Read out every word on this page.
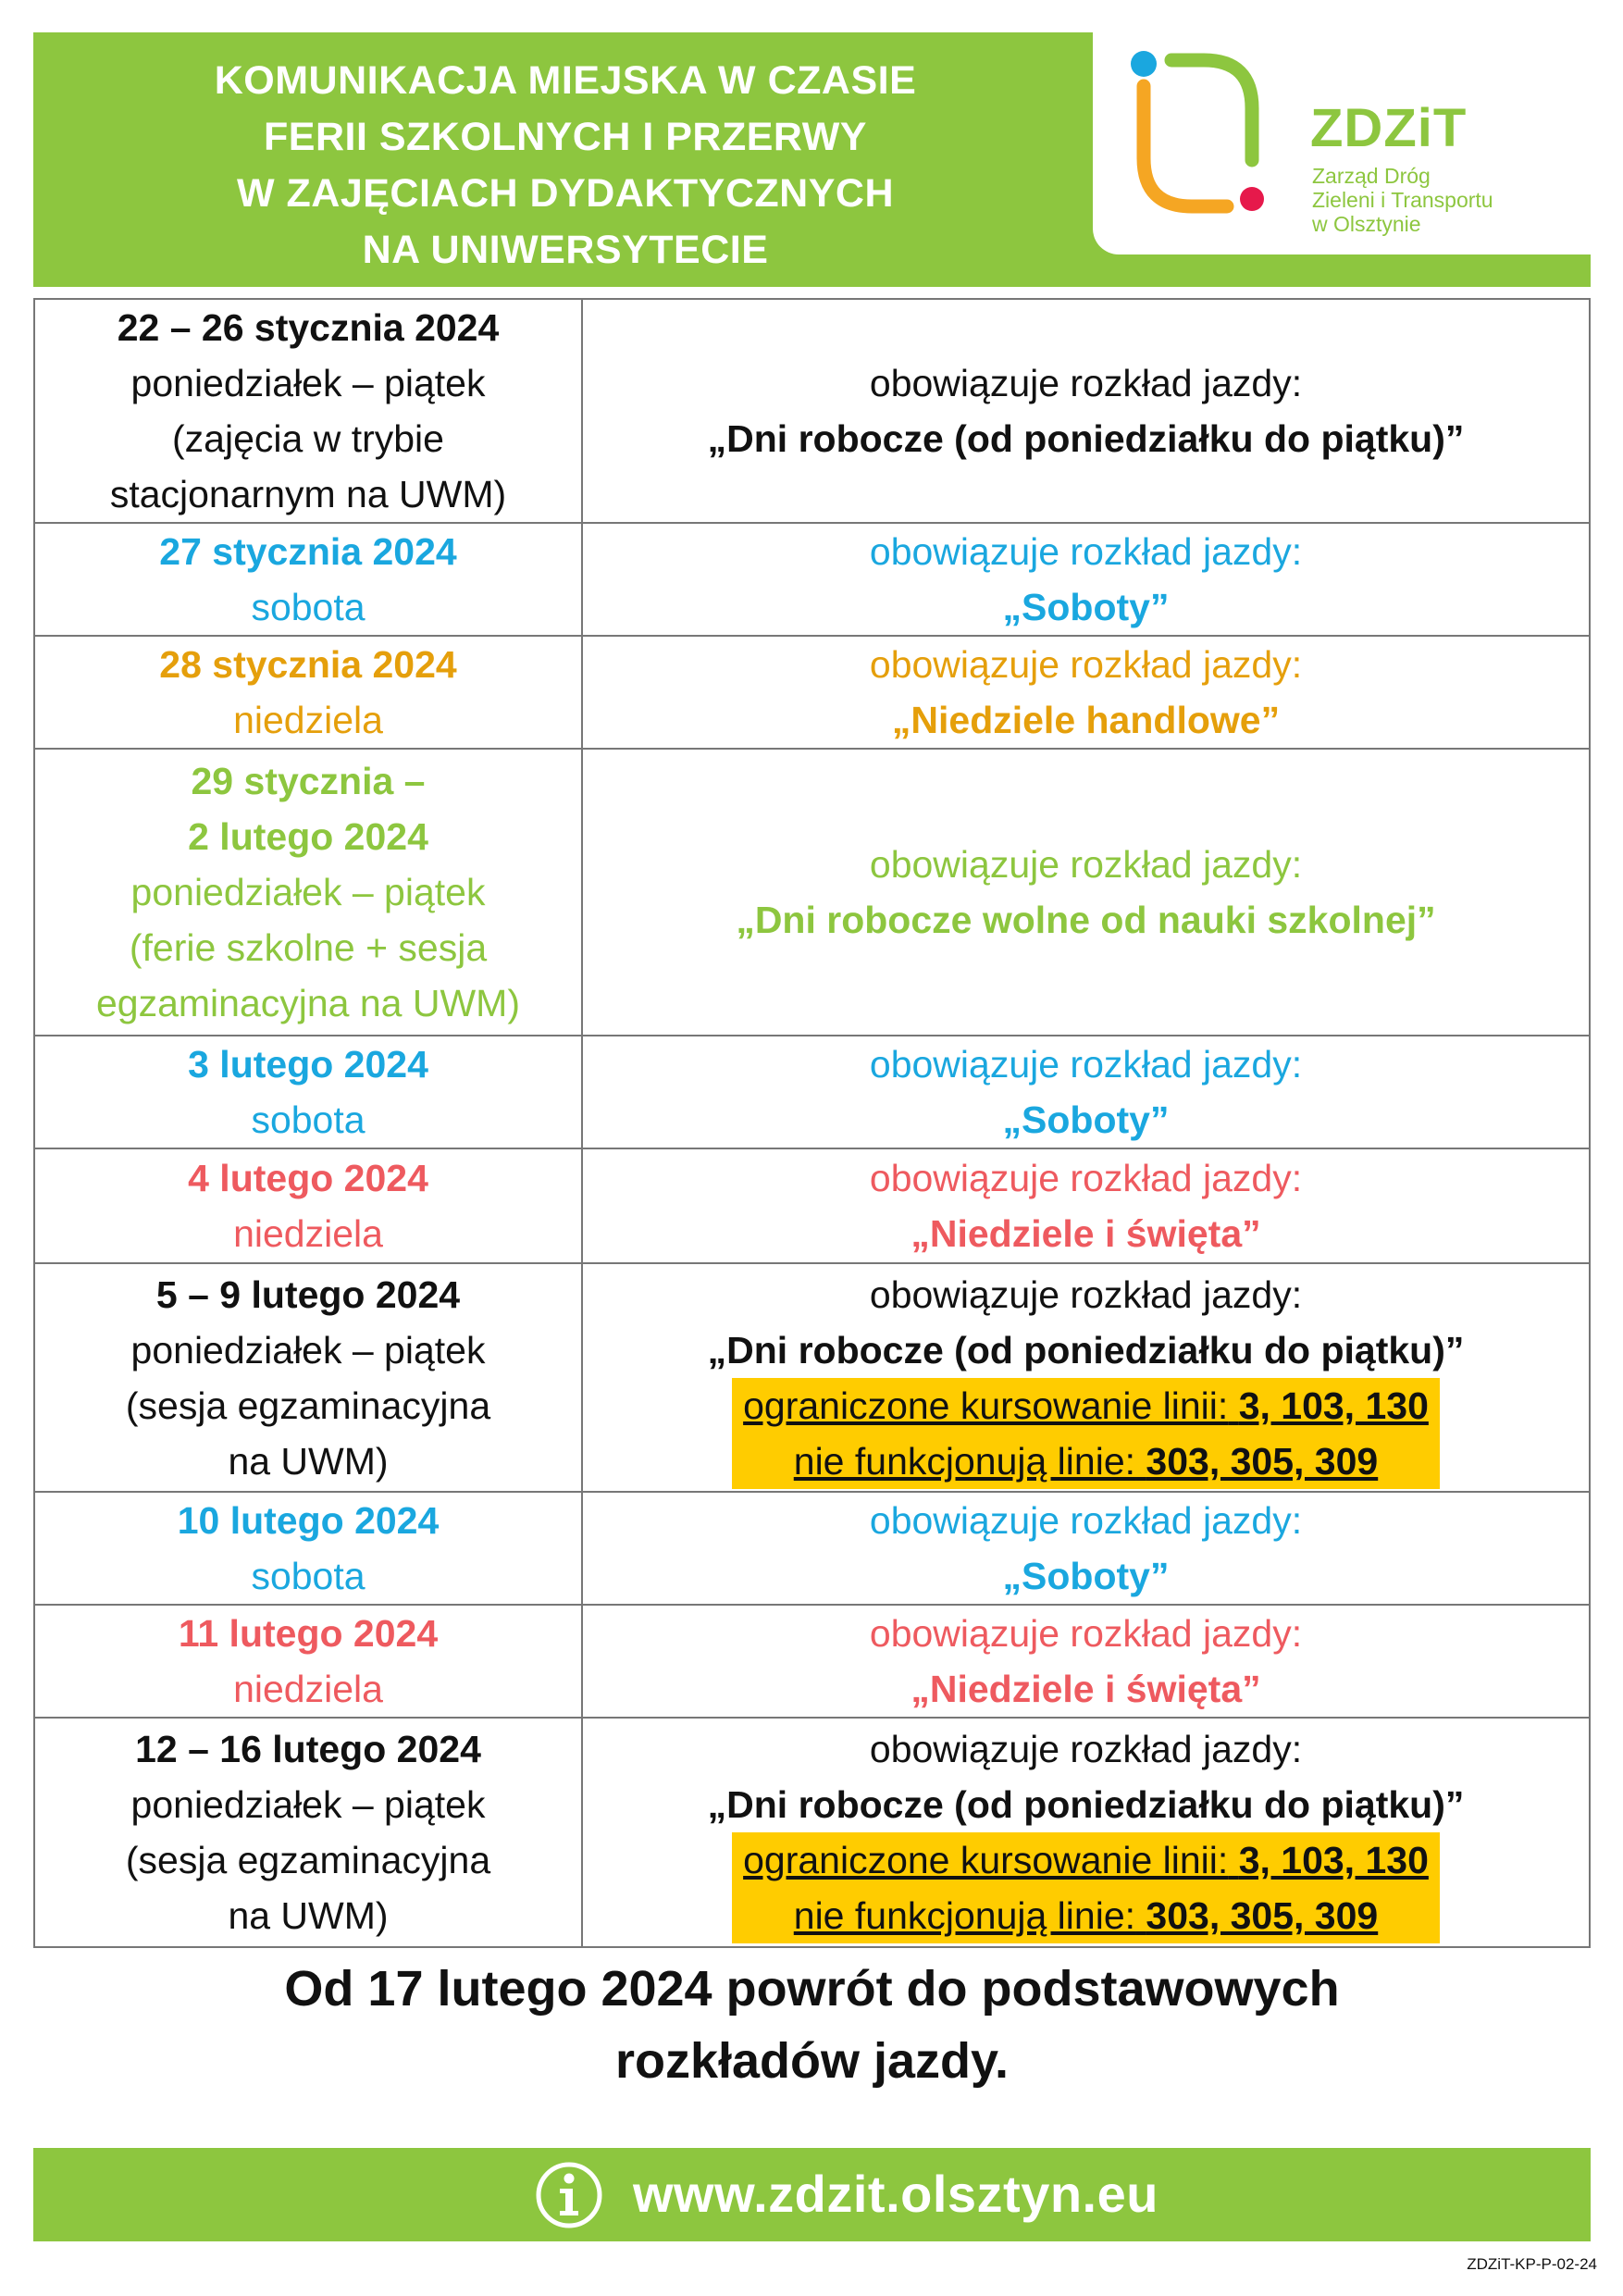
KOMUNIKACJA MIEJSKA W CZASIE
FERII SZKOLNYCH I PRZERWY
W ZAJĘCIACH DYDAKTYCZNYCH
NA UNIWERSYTECIE
ZDZiT
Zarząd Dróg
Zieleni i Transportu
w Olsztynie
22 – 26 stycznia 2024
poniedziałek – piątek
(zajęcia w trybie
stacjonarnym na UWM)	obowiązuje rozkład jazdy:
„Dni robocze (od poniedziałku do piątku)”

27 stycznia 2024
sobota	obowiązuje rozkład jazdy:
„Soboty”

28 stycznia 2024
niedziela	obowiązuje rozkład jazdy:
„Niedziele handlowe”

29 stycznia –
2 lutego 2024
poniedziałek – piątek
(ferie szkolne + sesja
egzaminacyjna na UWM)	obowiązuje rozkład jazdy:
„Dni robocze wolne od nauki szkolnej”

3 lutego 2024
sobota	obowiązuje rozkład jazdy:
„Soboty”

4 lutego 2024
niedziela	obowiązuje rozkład jazdy:
„Niedziele i święta”

5 – 9 lutego 2024
poniedziałek – piątek
(sesja egzaminacyjna
na UWM)	obowiązuje rozkład jazdy:
„Dni robocze (od poniedziałku do piątku)”
ograniczone kursowanie linii: 3, 103, 130
nie funkcjonują linie: 303, 305, 309

10 lutego 2024
sobota	obowiązuje rozkład jazdy:
„Soboty”

11 lutego 2024
niedziela	obowiązuje rozkład jazdy:
„Niedziele i święta”

12 – 16 lutego 2024
poniedziałek – piątek
(sesja egzaminacyjna
na UWM)	obowiązuje rozkład jazdy:
„Dni robocze (od poniedziałku do piątku)”
ograniczone kursowanie linii: 3, 103, 130
nie funkcjonują linie: 303, 305, 309
Od 17 lutego 2024 powrót do podstawowych
rozkładów jazdy.
www.zdzit.olsztyn.eu
ZDZiT-KP-P-02-24
